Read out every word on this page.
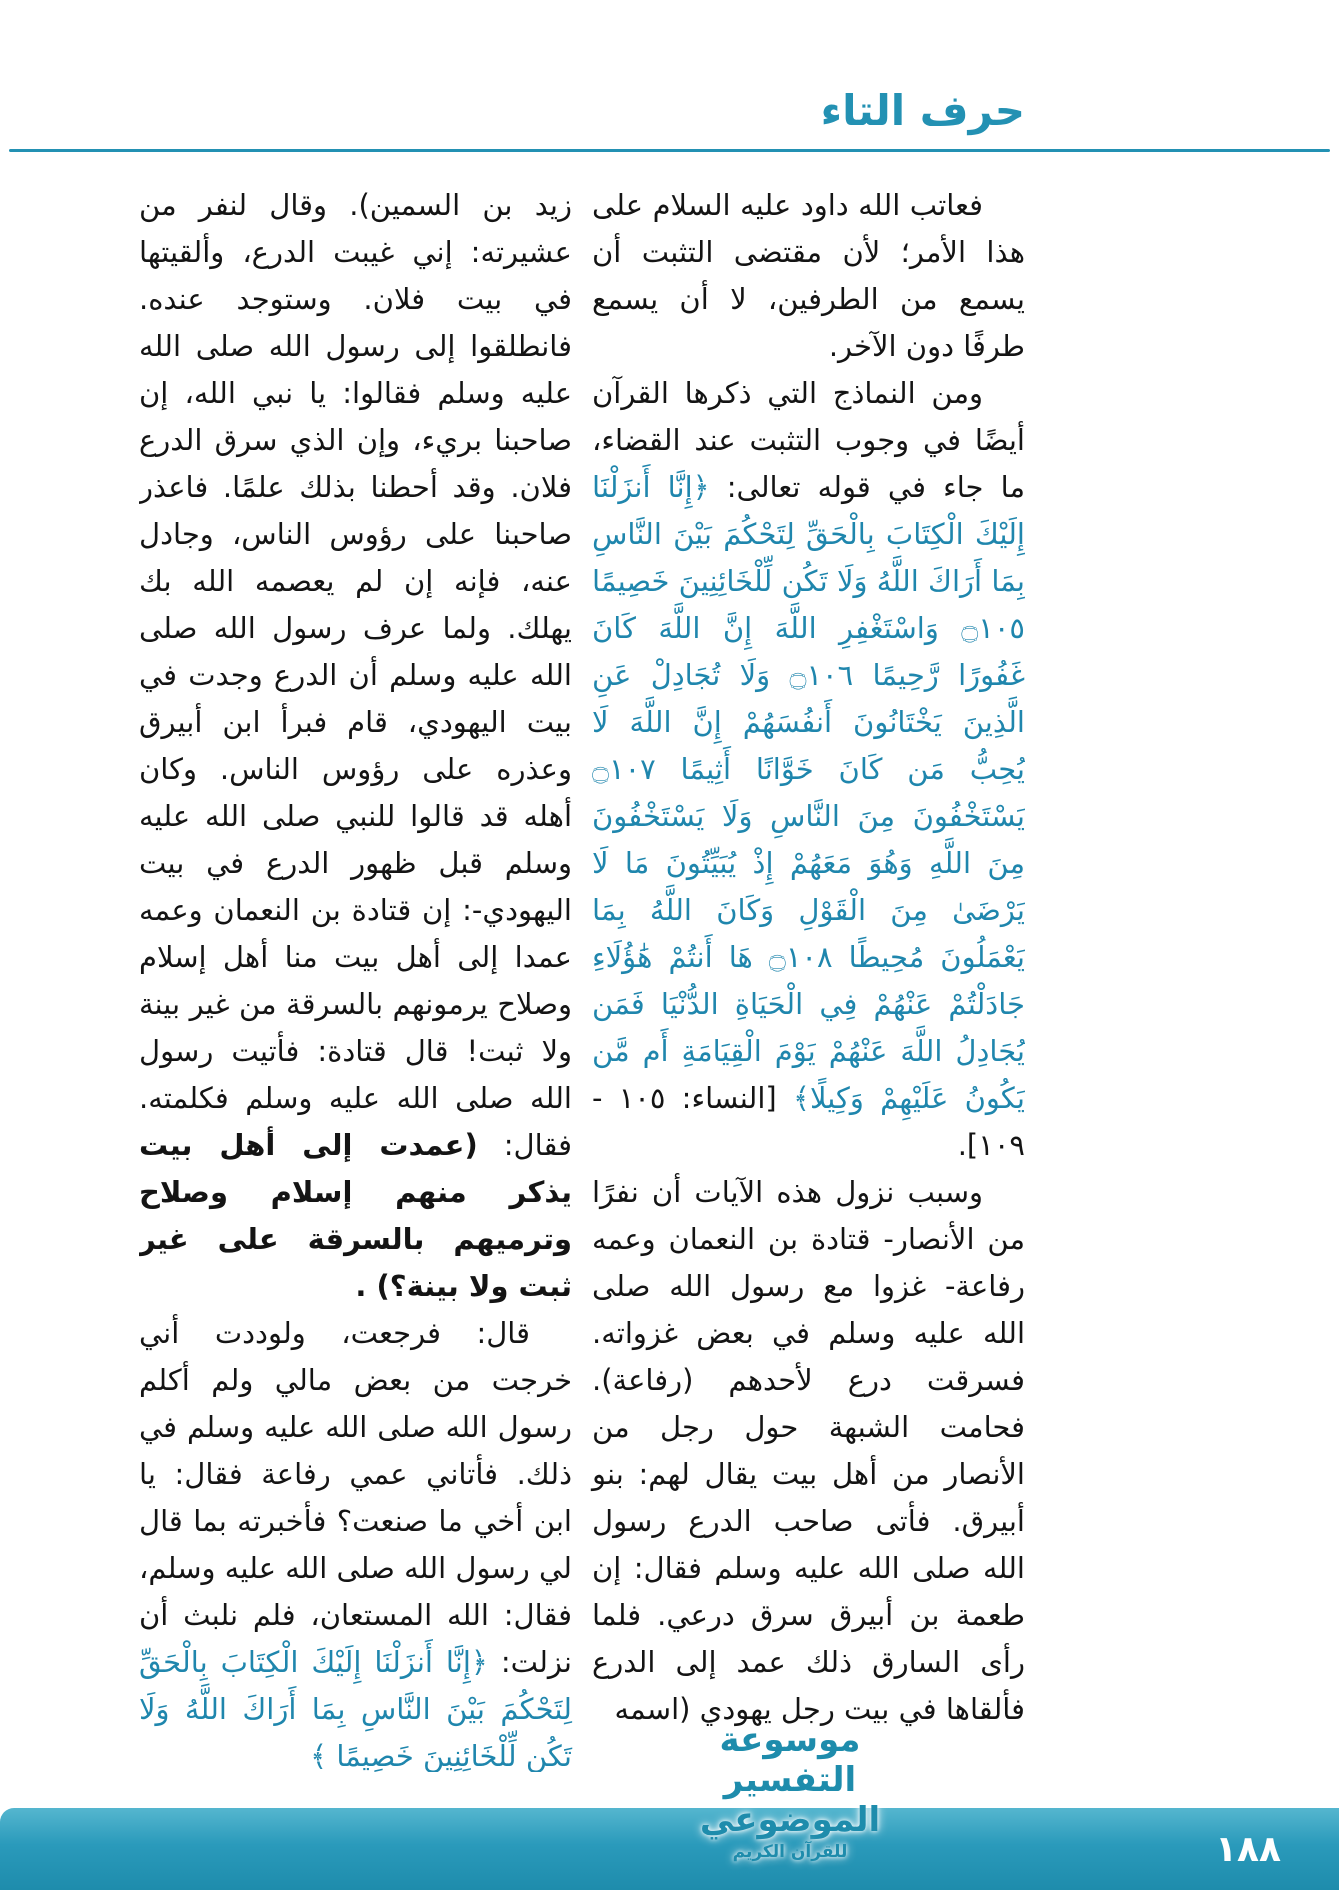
حرف التاء

فعاتب الله داود عليه السلام على هذا الأمر؛ لأن مقتضى التثبت أن يسمع من الطرفين، لا أن يسمع طرفًا دون الآخر.

ومن النماذج التي ذكرها القرآن أيضًا في وجوب التثبت عند القضاء، ما جاء في قوله تعالى: ﴿إِنَّا أَنزَلْنَا إِلَيْكَ الْكِتَابَ بِالْحَقِّ لِتَحْكُمَ بَيْنَ النَّاسِ بِمَا أَرَاكَ اللَّهُ وَلَا تَكُن لِّلْخَائِنِينَ خَصِيمًا ۝١٠٥ وَاسْتَغْفِرِ اللَّهَ إِنَّ اللَّهَ كَانَ غَفُورًا رَّحِيمًا ۝١٠٦ وَلَا تُجَادِلْ عَنِ الَّذِينَ يَخْتَانُونَ أَنفُسَهُمْ إِنَّ اللَّهَ لَا يُحِبُّ مَن كَانَ خَوَّانًا أَثِيمًا ۝١٠٧ يَسْتَخْفُونَ مِنَ النَّاسِ وَلَا يَسْتَخْفُونَ مِنَ اللَّهِ وَهُوَ مَعَهُمْ إِذْ يُبَيِّتُونَ مَا لَا يَرْضَىٰ مِنَ الْقَوْلِ وَكَانَ اللَّهُ بِمَا يَعْمَلُونَ مُحِيطًا ۝١٠٨ هَا أَنتُمْ هَٰؤُلَاءِ جَادَلْتُمْ عَنْهُمْ فِي الْحَيَاةِ الدُّنْيَا فَمَن يُجَادِلُ اللَّهَ عَنْهُمْ يَوْمَ الْقِيَامَةِ أَم مَّن يَكُونُ عَلَيْهِمْ وَكِيلًا﴾ [النساء: ١٠٥ - ١٠٩].

وسبب نزول هذه الآيات أن نفرًا من الأنصار- قتادة بن النعمان وعمه رفاعة- غزوا مع رسول الله صلى الله عليه وسلم في بعض غزواته. فسرقت درع لأحدهم (رفاعة). فحامت الشبهة حول رجل من الأنصار من أهل بيت يقال لهم: بنو أبيرق. فأتى صاحب الدرع رسول الله صلى الله عليه وسلم فقال: إن طعمة بن أبيرق سرق درعي. فلما رأى السارق ذلك عمد إلى الدرع فألقاها في بيت رجل يهودي (اسمه

زيد بن السمين). وقال لنفر من عشيرته: إني غيبت الدرع، وألقيتها في بيت فلان. وستوجد عنده. فانطلقوا إلى رسول الله صلى الله عليه وسلم فقالوا: يا نبي الله، إن صاحبنا بريء، وإن الذي سرق الدرع فلان. وقد أحطنا بذلك علمًا. فاعذر صاحبنا على رؤوس الناس، وجادل عنه، فإنه إن لم يعصمه الله بك يهلك. ولما عرف رسول الله صلى الله عليه وسلم أن الدرع وجدت في بيت اليهودي، قام فبرأ ابن أبيرق وعذره على رؤوس الناس. وكان أهله قد قالوا للنبي صلى الله عليه وسلم قبل ظهور الدرع في بيت اليهودي-: إن قتادة بن النعمان وعمه عمدا إلى أهل بيت منا أهل إسلام وصلاح يرمونهم بالسرقة من غير بينة ولا ثبت! قال قتادة: فأتيت رسول الله صلى الله عليه وسلم فكلمته. فقال: (عمدت إلى أهل بيت يذكر منهم إسلام وصلاح وترميهم بالسرقة على غير ثبت ولا بينة؟) .

قال: فرجعت، ولوددت أني خرجت من بعض مالي ولم أكلم رسول الله صلى الله عليه وسلم في ذلك. فأتاني عمي رفاعة فقال: يا ابن أخي ما صنعت؟ فأخبرته بما قال لي رسول الله صلى الله عليه وسلم، فقال: الله المستعان، فلم نلبث أن نزلت: ﴿إِنَّا أَنزَلْنَا إِلَيْكَ الْكِتَابَ بِالْحَقِّ لِتَحْكُمَ بَيْنَ النَّاسِ بِمَا أَرَاكَ اللَّهُ وَلَا تَكُن لِّلْخَائِنِينَ خَصِيمًا ﴾	موسوعة التفسير الموضوعي
للقرآن الكريم	١٨٨
